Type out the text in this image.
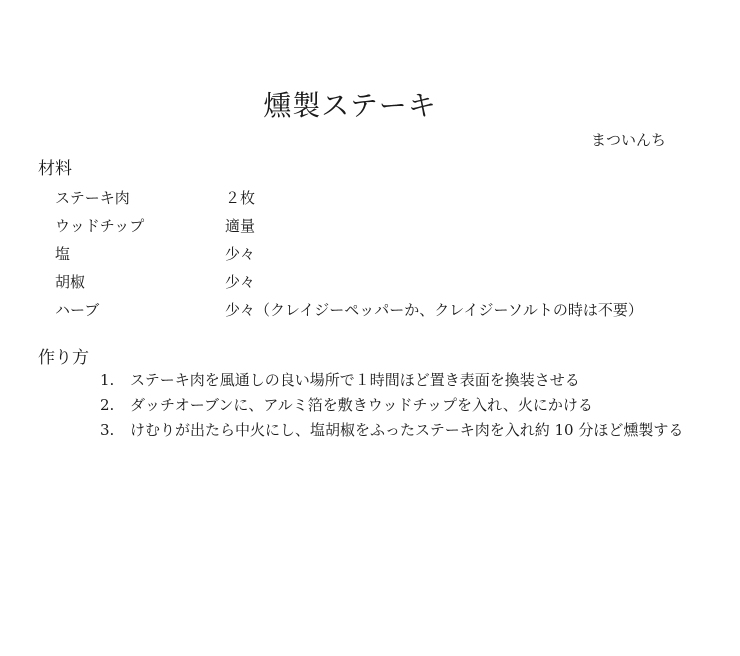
燻製ステーキ
まついんち
材料
ステーキ肉	２枚
ウッドチップ	適量
塩	少々
胡椒	少々
ハーブ	少々（クレイジーペッパーか、クレイジーソルトの時は不要）
作り方
1.	ステーキ肉を風通しの良い場所で１時間ほど置き表面を換装させる
2.	ダッチオーブンに、アルミ箔を敷きウッドチップを入れ、火にかける
3.	けむりが出たら中火にし、塩胡椒をふったステーキ肉を入れ約 10 分ほど燻製する
